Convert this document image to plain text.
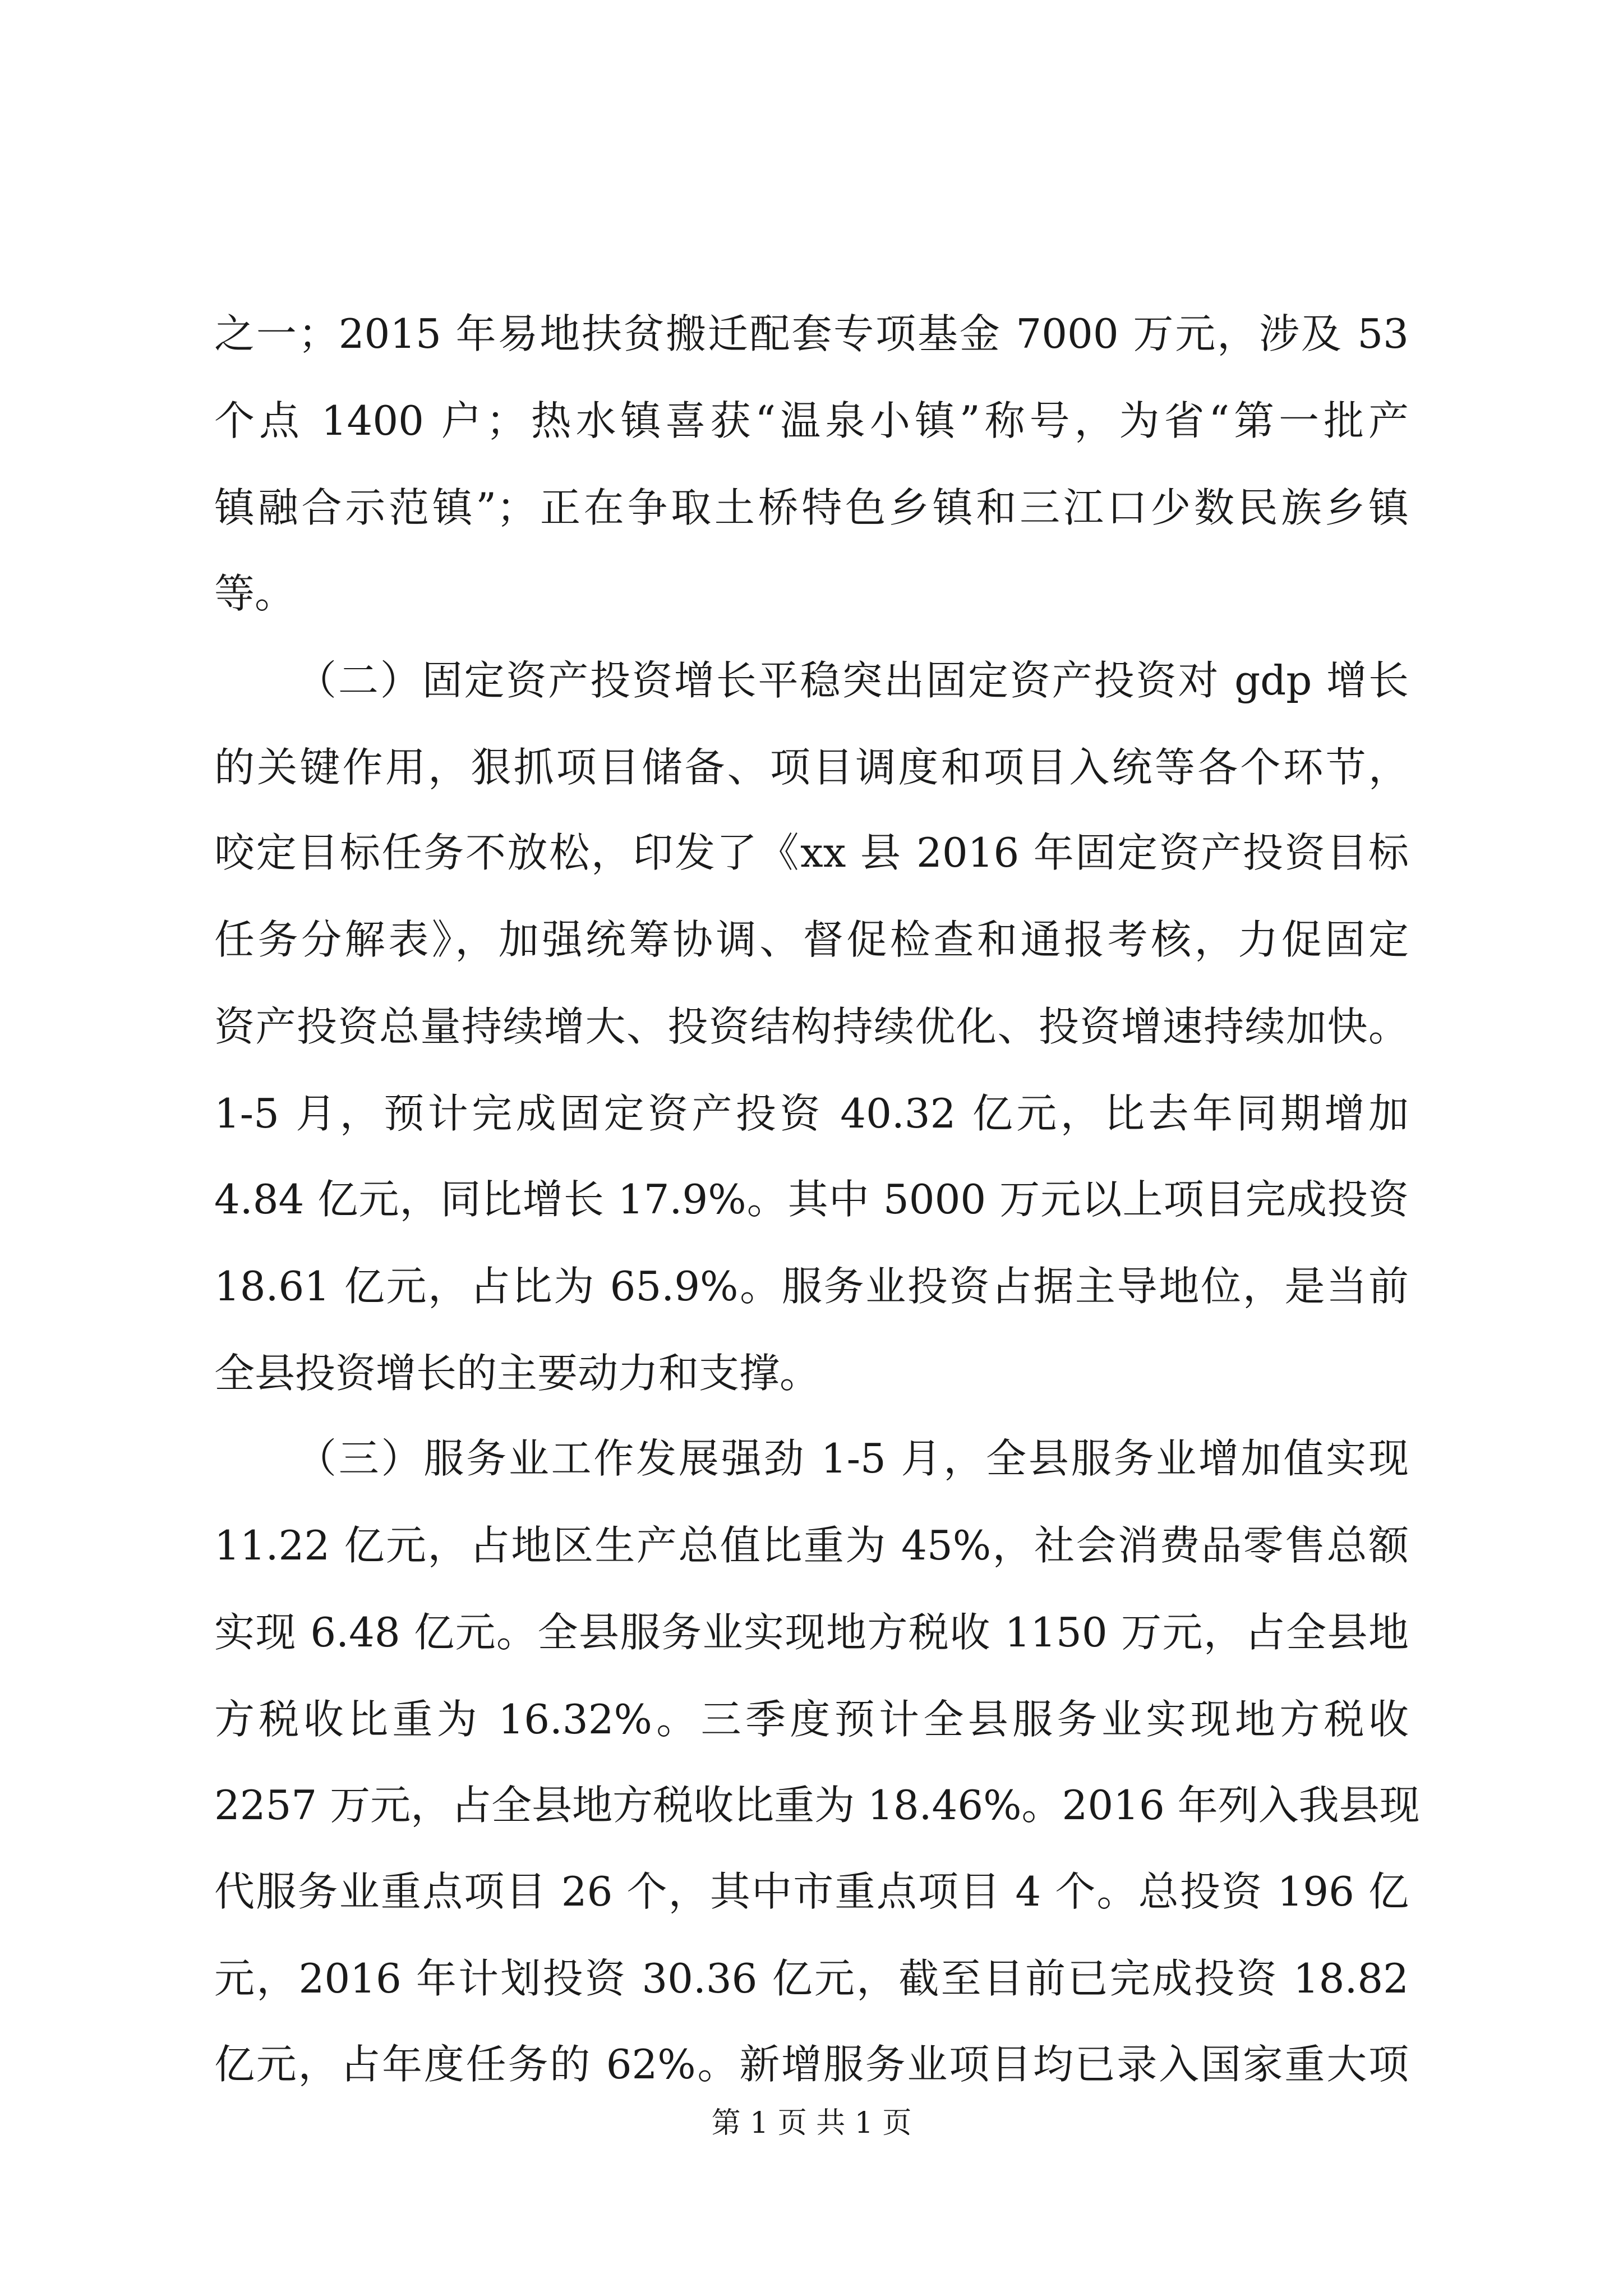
之一；2015 年易地扶贫搬迁配套专项基金 7000 万元，涉及 53
个点 1400 户；热水镇喜获“温泉小镇”称号，为省“第一批产
镇融合示范镇”；正在争取土桥特色乡镇和三江口少数民族乡镇
等。
（二）固定资产投资增长平稳突出固定资产投资对 gdp 增长
的关键作用，狠抓项目储备、项目调度和项目入统等各个环节，
咬定目标任务不放松，印发了《xx 县 2016 年固定资产投资目标
任务分解表》，加强统筹协调、督促检查和通报考核，力促固定
资产投资总量持续增大、投资结构持续优化、投资增速持续加快。
1-5 月，预计完成固定资产投资 40.32 亿元，比去年同期增加
4.84 亿元，同比增长 17.9%。其中 5000 万元以上项目完成投资
18.61 亿元，占比为 65.9%。服务业投资占据主导地位，是当前
全县投资增长的主要动力和支撑。
（三）服务业工作发展强劲 1-5 月，全县服务业增加值实现
11.22 亿元，占地区生产总值比重为 45%，社会消费品零售总额
实现 6.48 亿元。全县服务业实现地方税收 1150 万元，占全县地
方税收比重为 16.32%。三季度预计全县服务业实现地方税收
2257 万元，占全县地方税收比重为 18.46%。2016 年列入我县现
代服务业重点项目 26 个，其中市重点项目 4 个。总投资 196 亿
元，2016 年计划投资 30.36 亿元，截至目前已完成投资 18.82
亿元，占年度任务的 62%。新增服务业项目均已录入国家重大项
第 1 页 共 1 页
